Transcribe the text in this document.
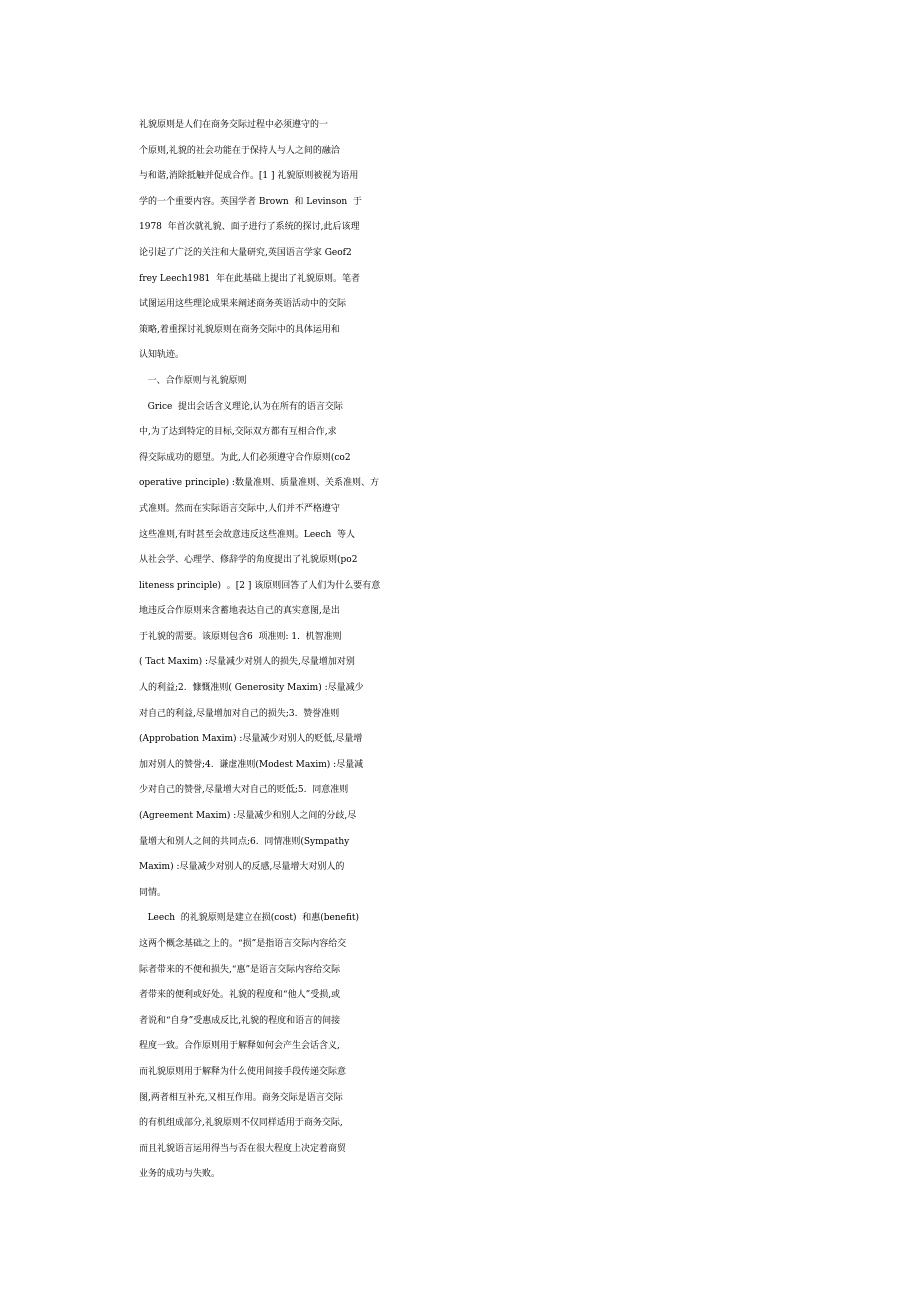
礼貌原则是人们在商务交际过程中必须遵守的一
个原则,礼貌的社会功能在于保持人与人之间的融洽
与和谐,消除抵触并促成合作。[1 ] 礼貌原则被视为语用
学的一个重要内容。英国学者 Brown  和 Levinson  于
1978  年首次就礼貌、面子进行了系统的探讨,此后该理
论引起了广泛的关注和大量研究,英国语言学家 Geof2
frey Leech1981  年在此基础上提出了礼貌原则。笔者
试图运用这些理论成果来阐述商务英语活动中的交际
策略,着重探讨礼貌原则在商务交际中的具体运用和
认知轨迹。
一、合作原则与礼貌原则
Grice  提出会话含义理论,认为在所有的语言交际
中,为了达到特定的目标,交际双方都有互相合作,求
得交际成功的愿望。为此,人们必须遵守合作原则(co2
operative principle) :数量准则、质量准则、关系准则、方
式准则。然而在实际语言交际中,人们并不严格遵守
这些准则,有时甚至会故意违反这些准则。Leech  等人
从社会学、心理学、修辞学的角度提出了礼貌原则(po2
liteness principle)  。[2 ] 该原则回答了人们为什么要有意
地违反合作原则来含蓄地表达自己的真实意图,是出
于礼貌的需要。该原则包含6  项准则: 1.  机智准则
( Tact Maxim) :尽量减少对别人的损失,尽量增加对别
人的利益;2.  慷慨准则( Generosity Maxim) :尽量减少
对自己的利益,尽量增加对自己的损失;3.  赞誉准则
(Approbation Maxim) :尽量减少对别人的贬低,尽量增
加对别人的赞誉;4.  谦虚准则(Modest Maxim) :尽量减
少对自己的赞誉,尽量增大对自己的贬低;5.  同意准则
(Agreement Maxim) :尽量减少和别人之间的分歧,尽
量增大和别人之间的共同点;6.  同情准则(Sympathy
Maxim) :尽量减少对别人的反感,尽量增大对别人的
同情。
Leech  的礼貌原则是建立在损(cost)  和惠(benefit)
这两个概念基础之上的。“损”是指语言交际内容给交
际者带来的不便和损失,“惠”是语言交际内容给交际
者带来的便利或好处。礼貌的程度和“他人”受损,或
者说和“自身”受惠成反比,礼貌的程度和语言的间接
程度一致。合作原则用于解释如何会产生会话含义,
而礼貌原则用于解释为什么使用间接手段传递交际意
图,两者相互补充,又相互作用。商务交际是语言交际
的有机组成部分,礼貌原则不仅同样适用于商务交际,
而且礼貌语言运用得当与否在很大程度上决定着商贸
业务的成功与失败。
